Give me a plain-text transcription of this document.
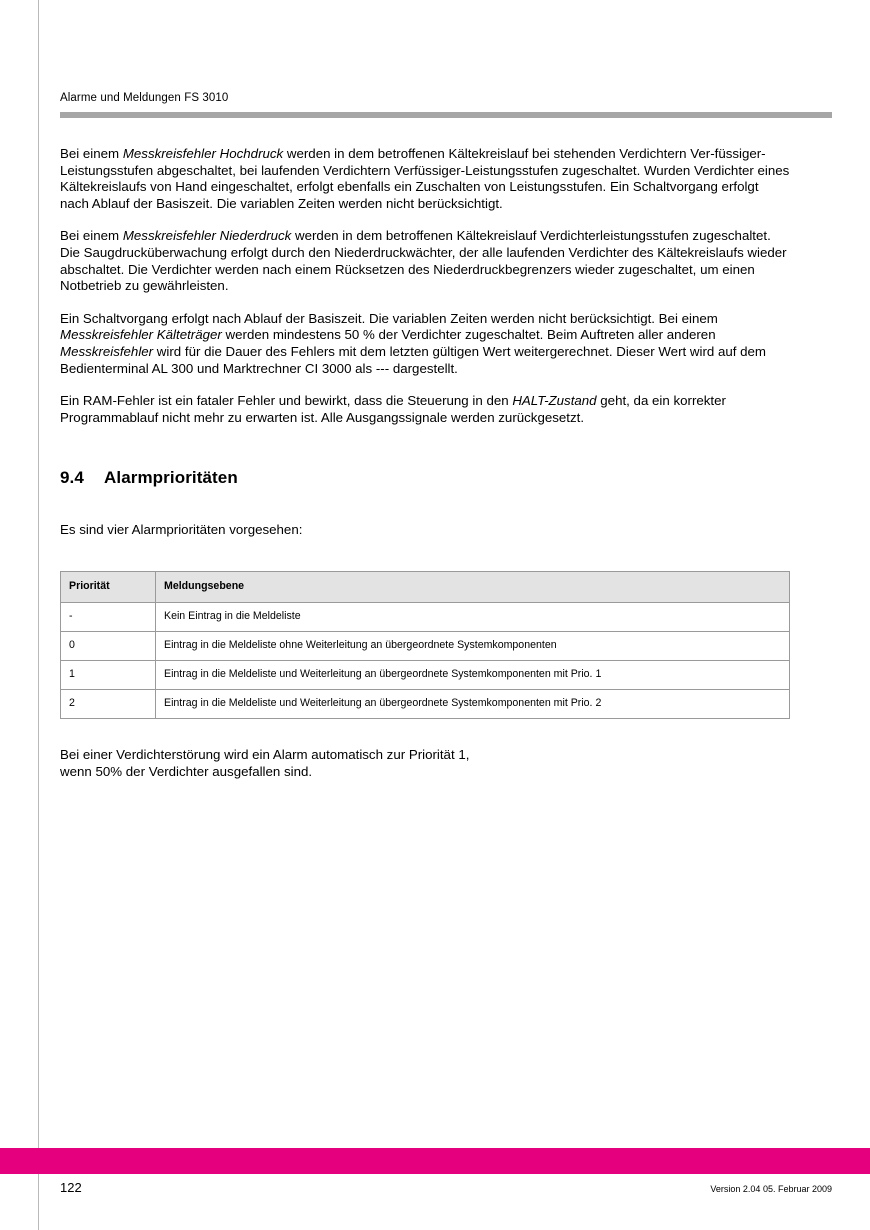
Alarme und Meldungen FS 3010

Bei einem Messkreisfehler Hochdruck werden in dem betroffenen Kältekreislauf bei stehenden Verdichtern Ver-füssiger-Leistungsstufen abgeschaltet, bei laufenden Verdichtern Verfüssiger-Leistungsstufen zugeschaltet. Wurden Verdichter eines Kältekreislaufs von Hand eingeschaltet, erfolgt ebenfalls ein Zuschalten von Leistungsstufen. Ein Schaltvorgang erfolgt nach Ablauf der Basiszeit. Die variablen Zeiten werden nicht berücksichtigt.

Bei einem Messkreisfehler Niederdruck werden in dem betroffenen Kältekreislauf Verdichterleistungsstufen zugeschaltet. Die Saugdrucküberwachung erfolgt durch den Niederdruckwächter, der alle laufenden Verdichter des Kältekreislaufs wieder abschaltet. Die Verdichter werden nach einem Rücksetzen des Niederdruckbegrenzers wieder zugeschaltet, um einen Notbetrieb zu gewährleisten.

Ein Schaltvorgang erfolgt nach Ablauf der Basiszeit. Die variablen Zeiten werden nicht berücksichtigt. Bei einem Messkreisfehler Kälteträger werden mindestens 50 % der Verdichter zugeschaltet. Beim Auftreten aller anderen Messkreisfehler wird für die Dauer des Fehlers mit dem letzten gültigen Wert weitergerechnet. Dieser Wert wird auf dem Bedienterminal AL 300 und Marktrechner CI 3000 als --- dargestellt.

Ein RAM-Fehler ist ein fataler Fehler und bewirkt, dass die Steuerung in den HALT-Zustand geht, da ein korrekter Programmablauf nicht mehr zu erwarten ist. Alle Ausgangssignale werden zurückgesetzt.

9.4 Alarmprioritäten

Es sind vier Alarmprioritäten vorgesehen:

Priorität	Meldungsebene
-	Kein Eintrag in die Meldeliste
0	Eintrag in die Meldeliste ohne Weiterleitung an übergeordnete Systemkomponenten
1	Eintrag in die Meldeliste und Weiterleitung an übergeordnete Systemkomponenten mit Prio. 1
2	Eintrag in die Meldeliste und Weiterleitung an übergeordnete Systemkomponenten mit Prio. 2

Bei einer Verdichterstörung wird ein Alarm automatisch zur Priorität 1,
wenn 50% der Verdichter ausgefallen sind.

122	Version 2.04 05. Februar 2009
